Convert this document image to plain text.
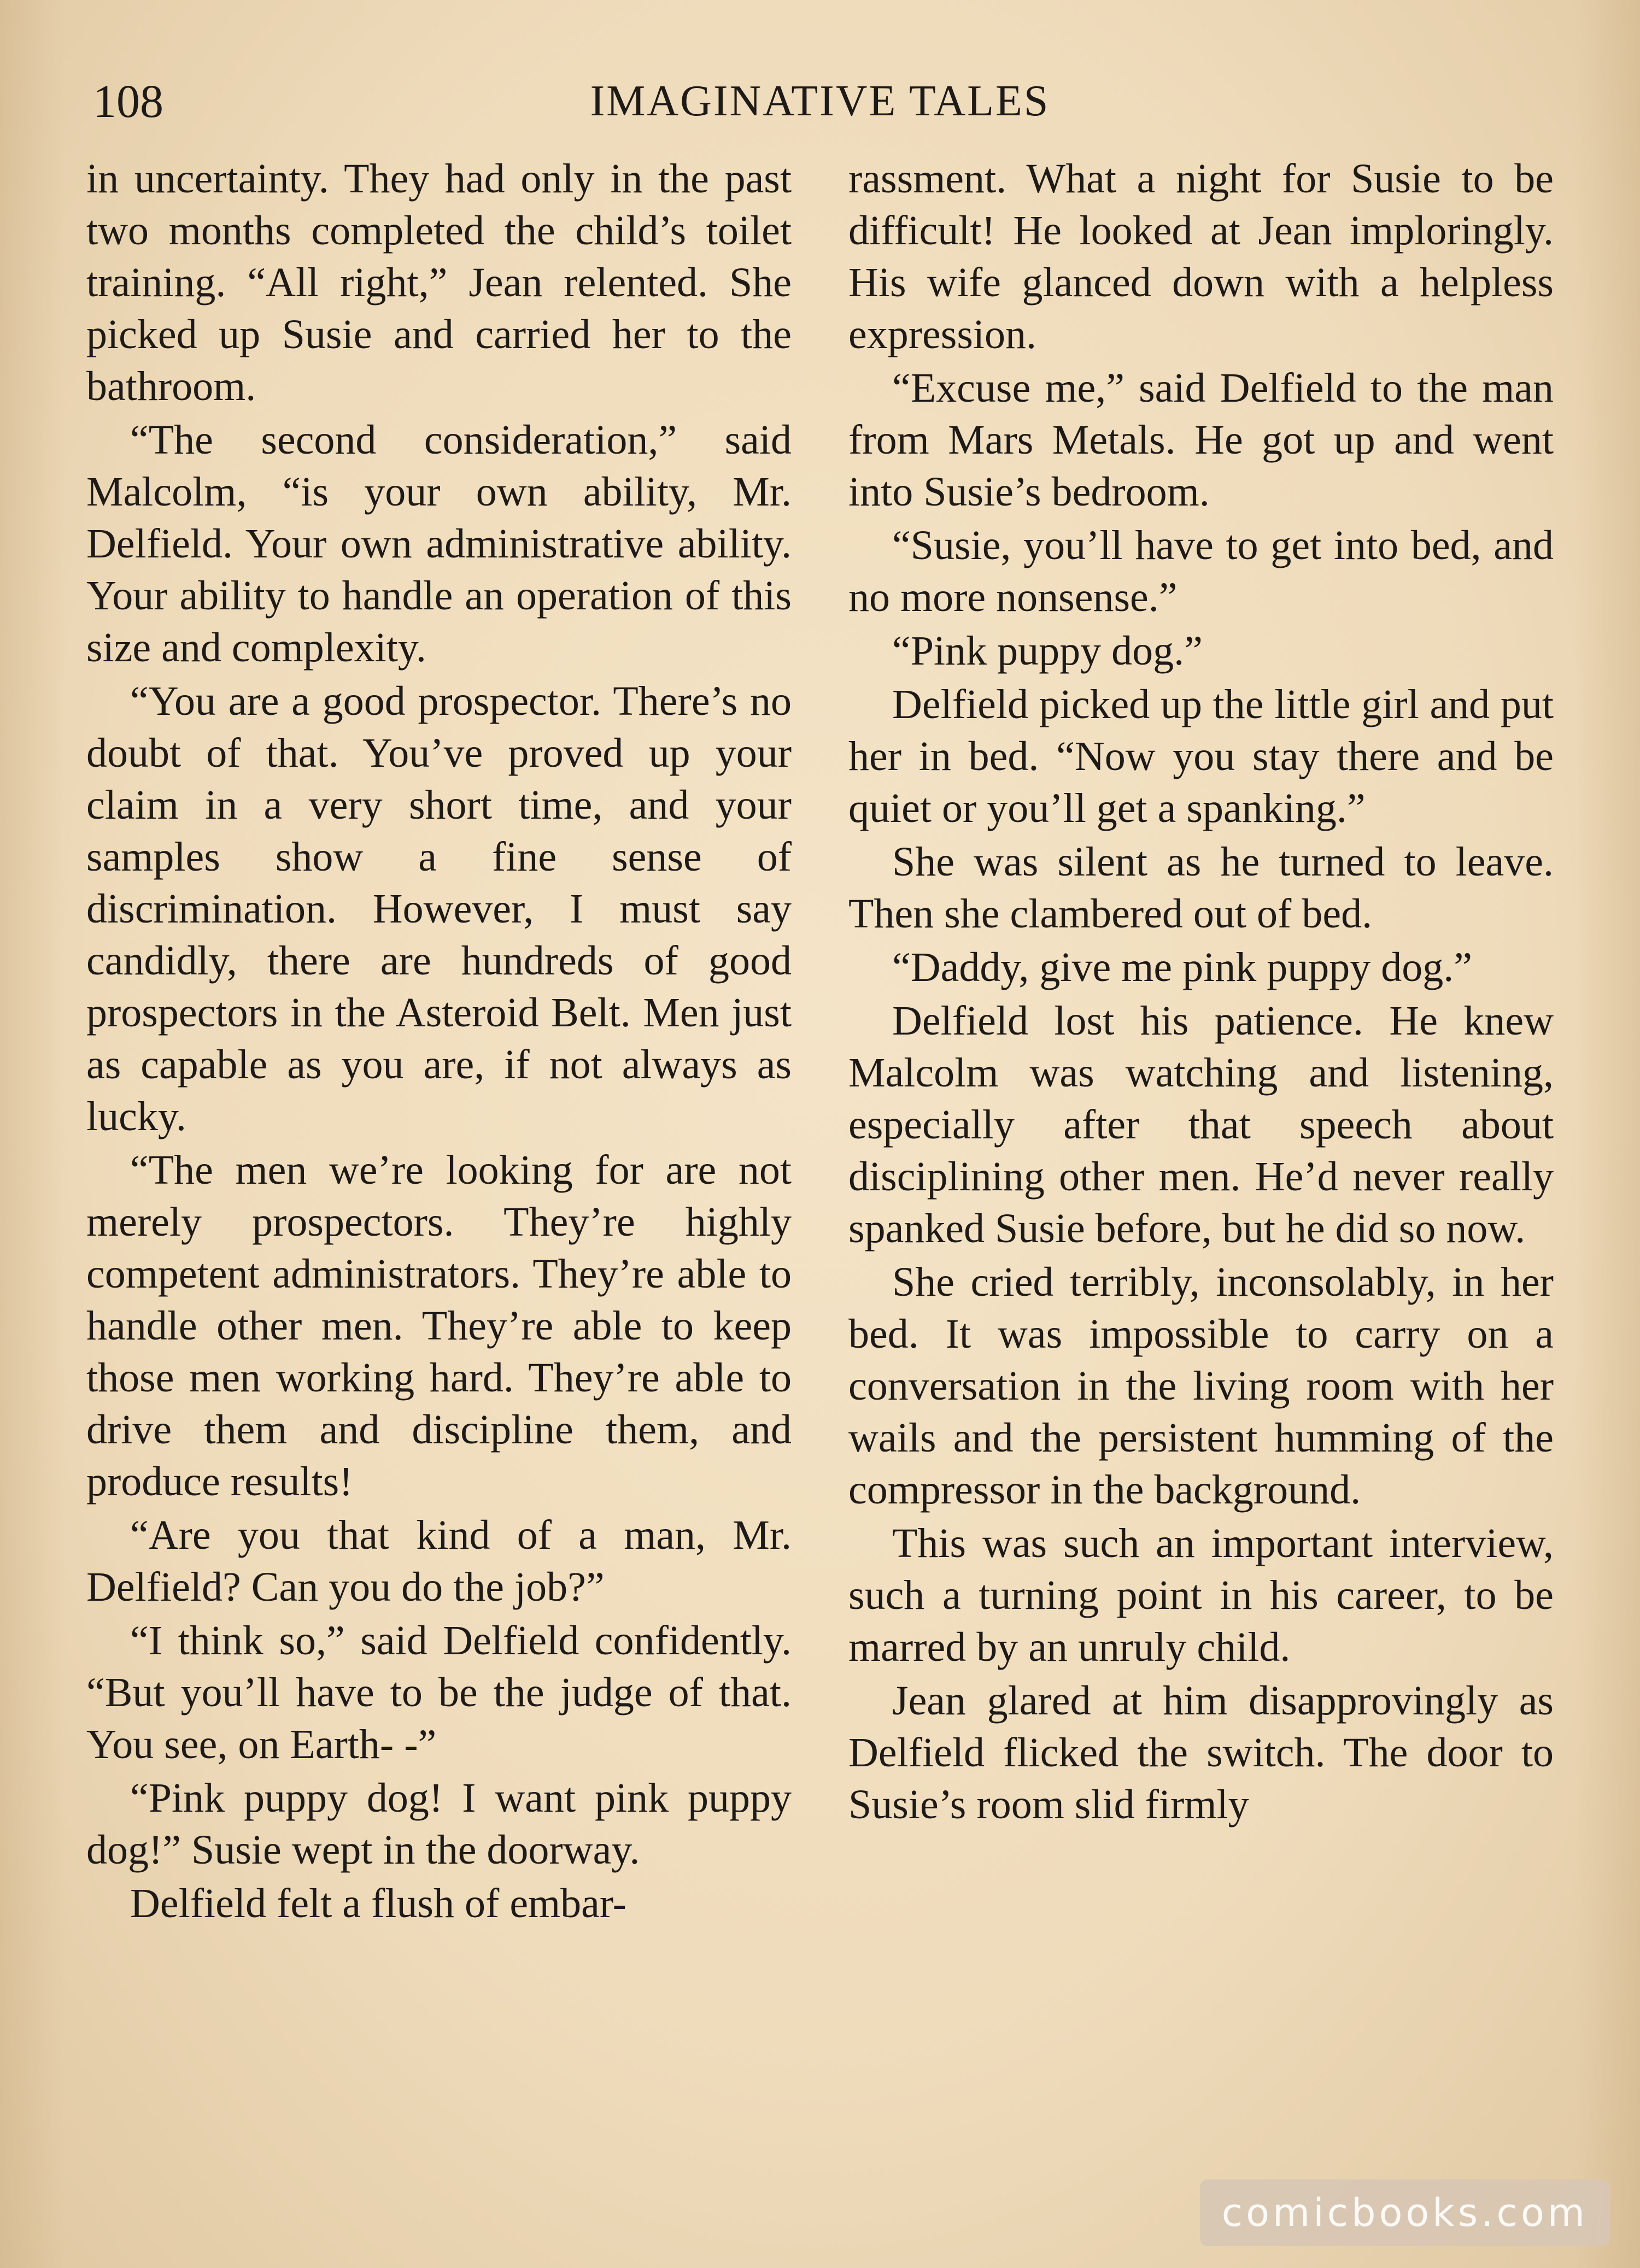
108	IMAGINATIVE TALES

in uncertainty. They had only in the past two months completed the child’s toilet training. “All right,” Jean relented. She picked up Susie and carried her to the bathroom.

“The second consideration,” said Malcolm, “is your own ability, Mr. Delfield. Your own administrative ability. Your ability to handle an operation of this size and complexity.

“You are a good prospector. There’s no doubt of that. You’ve proved up your claim in a very short time, and your samples show a fine sense of discrimination. However, I must say candidly, there are hundreds of good prospectors in the Asteroid Belt. Men just as capable as you are, if not always as lucky.

“The men we’re looking for are not merely prospectors. They’re highly competent administrators. They’re able to handle other men. They’re able to keep those men working hard. They’re able to drive them and discipline them, and produce results!

“Are you that kind of a man, Mr. Delfield? Can you do the job?”

“I think so,” said Delfield confidently. “But you’ll have to be the judge of that. You see, on Earth- -”

“Pink puppy dog! I want pink puppy dog!” Susie wept in the doorway.

Delfield felt a flush of embar-

rassment. What a night for Susie to be difficult! He looked at Jean imploringly. His wife glanced down with a helpless expression.

“Excuse me,” said Delfield to the man from Mars Metals. He got up and went into Susie’s bedroom.

“Susie, you’ll have to get into bed, and no more nonsense.”

“Pink puppy dog.”

Delfield picked up the little girl and put her in bed. “Now you stay there and be quiet or you’ll get a spanking.”

She was silent as he turned to leave. Then she clambered out of bed.

“Daddy, give me pink puppy dog.”

Delfield lost his patience. He knew Malcolm was watching and listening, especially after that speech about disciplining other men. He’d never really spanked Susie before, but he did so now.

She cried terribly, inconsolably, in her bed. It was impossible to carry on a conversation in the living room with her wails and the persistent humming of the compressor in the background.

This was such an important interview, such a turning point in his career, to be marred by an unruly child.

Jean glared at him disapprovingly as Delfield flicked the switch. The door to Susie’s room slid firmly

comicbooks.com
